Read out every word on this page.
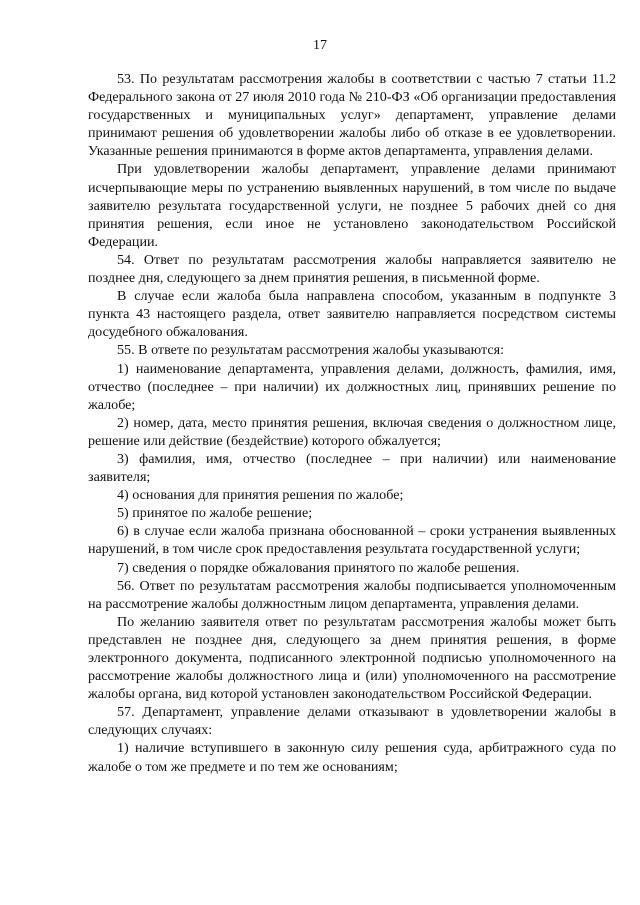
17

53. По результатам рассмотрения жалобы в соответствии с частью 7 статьи 11.2 Федерального закона от 27 июля 2010 года № 210-ФЗ «Об организации предоставления государственных и муниципальных услуг» департамент, управление делами принимают решения об удовлетворении жалобы либо об отказе в ее удовлетворении. Указанные решения принимаются в форме актов департамента, управления делами.

При удовлетворении жалобы департамент, управление делами принимают исчерпывающие меры по устранению выявленных нарушений, в том числе по выдаче заявителю результата государственной услуги, не позднее 5 рабочих дней со дня принятия решения, если иное не установлено законодательством Российской Федерации.

54. Ответ по результатам рассмотрения жалобы направляется заявителю не позднее дня, следующего за днем принятия решения, в письменной форме.

В случае если жалоба была направлена способом, указанным в подпункте 3 пункта 43 настоящего раздела, ответ заявителю направляется посредством системы досудебного обжалования.

55. В ответе по результатам рассмотрения жалобы указываются:

1) наименование департамента, управления делами, должность, фамилия, имя, отчество (последнее – при наличии) их должностных лиц, принявших решение по жалобе;

2) номер, дата, место принятия решения, включая сведения о должностном лице, решение или действие (бездействие) которого обжалуется;

3) фамилия, имя, отчество (последнее – при наличии) или наименование заявителя;

4) основания для принятия решения по жалобе;

5) принятое по жалобе решение;

6) в случае если жалоба признана обоснованной – сроки устранения выявленных нарушений, в том числе срок предоставления результата государственной услуги;

7) сведения о порядке обжалования принятого по жалобе решения.

56. Ответ по результатам рассмотрения жалобы подписывается уполномоченным на рассмотрение жалобы должностным лицом департамента, управления делами.

По желанию заявителя ответ по результатам рассмотрения жалобы может быть представлен не позднее дня, следующего за днем принятия решения, в форме электронного документа, подписанного электронной подписью уполномоченного на рассмотрение жалобы должностного лица и (или) уполномоченного на рассмотрение жалобы органа, вид которой установлен законодательством Российской Федерации.

57. Департамент, управление делами отказывают в удовлетворении жалобы в следующих случаях:

1) наличие вступившего в законную силу решения суда, арбитражного суда по жалобе о том же предмете и по тем же основаниям;
